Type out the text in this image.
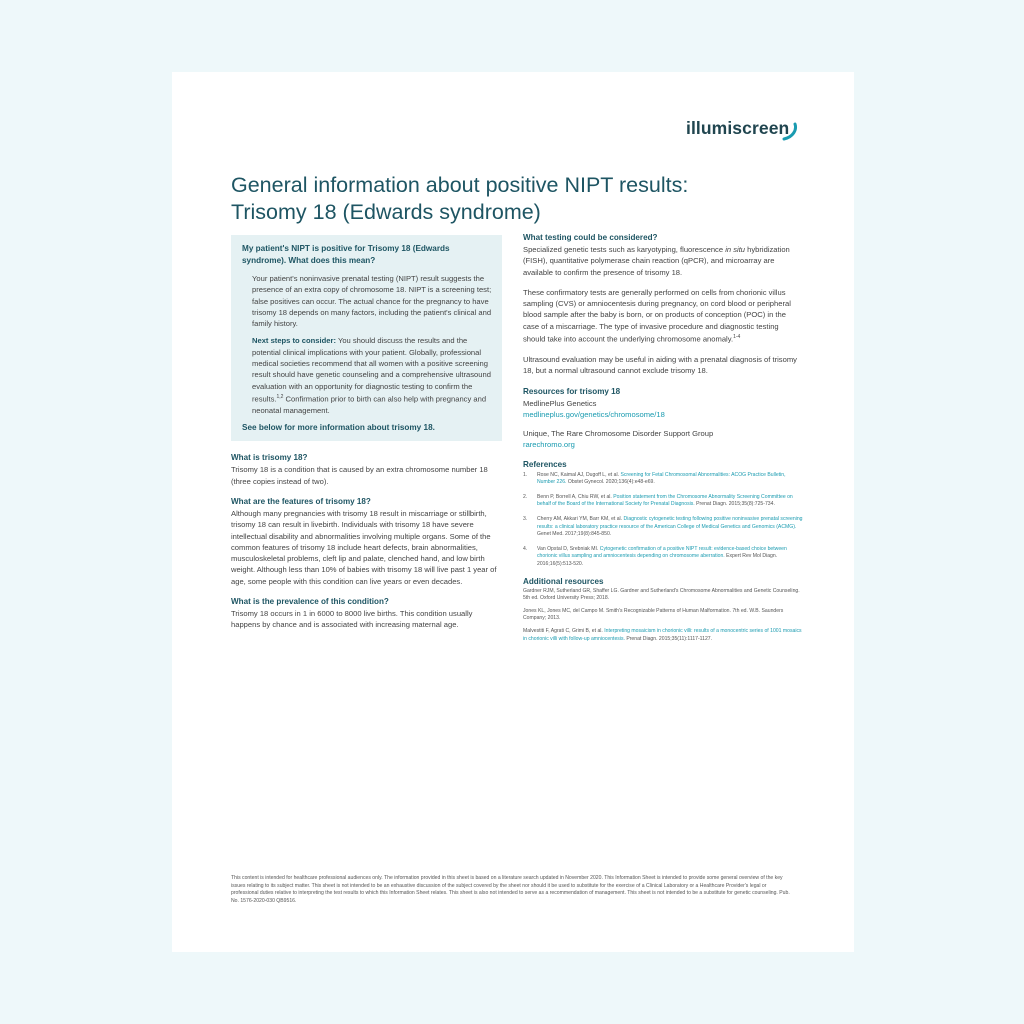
illumiscreen
General information about positive NIPT results:
Trisomy 18 (Edwards syndrome)
My patient's NIPT is positive for Trisomy 18 (Edwards syndrome). What does this mean?

Your patient's noninvasive prenatal testing (NIPT) result suggests the presence of an extra copy of chromosome 18. NIPT is a screening test; false positives can occur. The actual chance for the pregnancy to have trisomy 18 depends on many factors, including the patient's clinical and family history.

Next steps to consider: You should discuss the results and the potential clinical implications with your patient. Globally, professional medical societies recommend that all women with a positive screening result should have genetic counseling and a comprehensive ultrasound evaluation with an opportunity for diagnostic testing to confirm the results.$^{1,2}$ Confirmation prior to birth can also help with pregnancy and neonatal management.

See below for more information about trisomy 18.

What is trisomy 18?

Trisomy 18 is a condition that is caused by an extra chromosome number 18 (three copies instead of two).

What are the features of trisomy 18?

Although many pregnancies with trisomy 18 result in miscarriage or stillbirth, trisomy 18 can result in livebirth. Individuals with trisomy 18 have severe intellectual disability and abnormalities involving multiple organs. Some of the common features of trisomy 18 include heart defects, brain abnormalities, musculoskeletal problems, cleft lip and palate, clenched hand, and low birth weight. Although less than 10% of babies with trisomy 18 will live past 1 year of age, some people with this condition can live years or even decades.

What is the prevalence of this condition?

Trisomy 18 occurs in 1 in 6000 to 8000 live births. This condition usually happens by chance and is associated with increasing maternal age.

What testing could be considered?

Specialized genetic tests such as karyotyping, fluorescence in situ hybridization (FISH), quantitative polymerase chain reaction (qPCR), and microarray are available to confirm the presence of trisomy 18.

These confirmatory tests are generally performed on cells from chorionic villus sampling (CVS) or amniocentesis during pregnancy, on cord blood or peripheral blood sample after the baby is born, or on products of conception (POC) in the case of a miscarriage. The type of invasive procedure and diagnostic testing should take into account the underlying chromosome anomaly.$^{1-4}$

Ultrasound evaluation may be useful in aiding with a prenatal diagnosis of trisomy 18, but a normal ultrasound cannot exclude trisomy 18.

Resources for trisomy 18

MedlinePlus Genetics
medlineplus.gov/genetics/chromosome/18

Unique, The Rare Chromosome Disorder Support Group
rarechromo.org

References
1.	Rose NC, Kaimal AJ, Dugoff L, et al. Screening for Fetal Chromosomal Abnormalities: ACOG Practice Bulletin, Number 226. Obstet Gynecol. 2020;136(4):e48-e69.
2.	Benn P, Borrell A, Chiu RW, et al. Position statement from the Chromosome Abnormality Screening Committee on behalf of the Board of the International Society for Prenatal Diagnosis. Prenat Diagn. 2015;35(8):725-734.
3.	Cherry AM, Akkari YM, Barr KM, et al. Diagnostic cytogenetic testing following positive noninvasive prenatal screening results: a clinical laboratory practice resource of the American College of Medical Genetics and Genomics (ACMG). Genet Med. 2017;19(8):845-850.
4.	Van Opstal D, Srebniak MI. Cytogenetic confirmation of a positive NIPT result: evidence-based choice between chorionic villus sampling and amniocentesis depending on chromosome aberration. Expert Rev Mol Diagn. 2016;16(5):513-520.
Additional resources

Gardner RJM, Sutherland GR, Shaffer LG. Gardner and Sutherland's Chromosome Abnormalities and Genetic Counseling. 5th ed. Oxford University Press; 2018.

Jones KL, Jones MC, del Campo M. Smith's Recognizable Patterns of Human Malformation. 7th ed. W.B. Saunders Company; 2013.

Malvestiti F, Agrati C, Grimi B, et al. Interpreting mosaicism in chorionic villi: results of a monocentric series of 1001 mosaics in chorionic villi with follow-up amniocentesis. Prenat Diagn. 2015;35(11):1117-1127.

This content is intended for healthcare professional audiences only. The information provided in this sheet is based on a literature search updated in November 2020. This Information Sheet is intended to provide some general overview of the key issues relating to its subject matter. This sheet is not intended to be an exhaustive discussion of the subject covered by the sheet nor should it be used to substitute for the exercise of a Clinical Laboratory or a Healthcare Provider's legal or professional duties relative to interpreting the test results to which this Information Sheet relates. This sheet is also not intended to serve as a recommendation of management. This sheet is not intended to be a substitute for genetic counseling. Pub. No. 1576-2020-030 QB9516.
